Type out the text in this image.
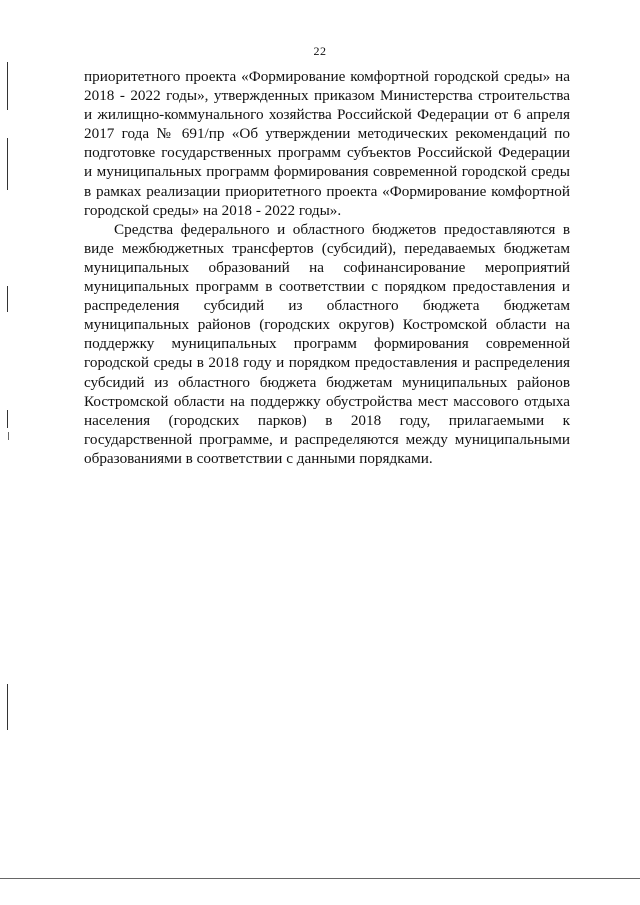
22

приоритетного проекта «Формирование комфортной городской среды» на 2018 - 2022 годы», утвержденных приказом Министерства строительства и жилищно-коммунального хозяйства Российской Федерации от 6 апреля 2017 года № 691/пр «Об утверждении методических рекомендаций по подготовке государственных программ субъектов Российской Федерации и муниципальных программ формирования современной городской среды в рамках реализации приоритетного проекта «Формирование комфортной городской среды» на 2018 - 2022 годы».

Средства федерального и областного бюджетов предоставляются в виде межбюджетных трансфертов (субсидий), передаваемых бюджетам муниципальных образований на софинансирование мероприятий муниципальных программ в соответствии с порядком предоставления и распределения субсидий из областного бюджета бюджетам муниципальных районов (городских округов) Костромской области на поддержку муниципальных программ формирования современной городской среды в 2018 году и порядком предоставления и распределения субсидий из областного бюджета бюджетам муниципальных районов Костромской области на поддержку обустройства мест массового отдыха населения (городских парков) в 2018 году, прилагаемыми к государственной программе, и распределяются между муниципальными образованиями в соответствии с данными порядками.
